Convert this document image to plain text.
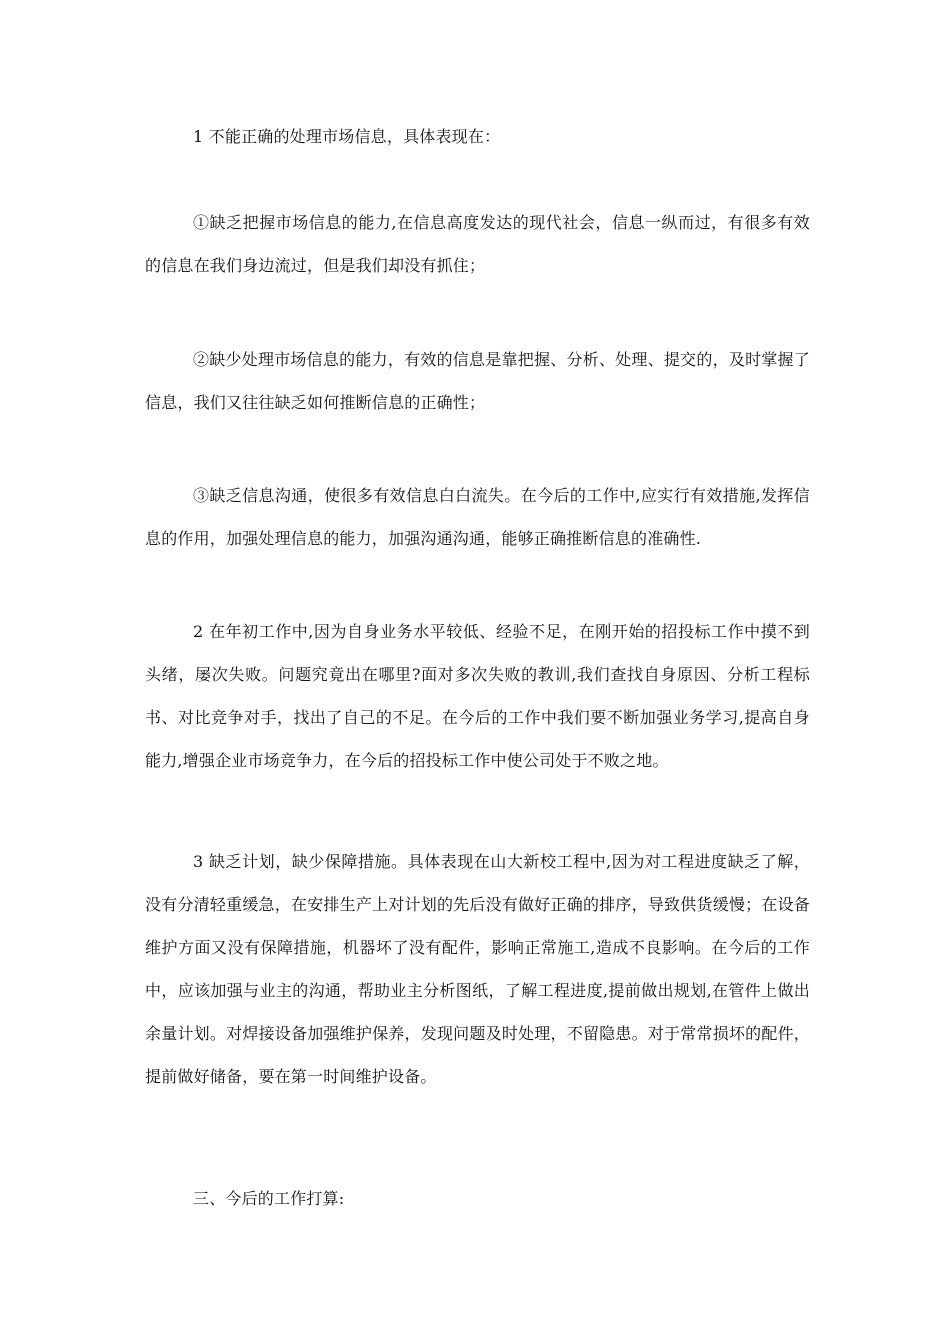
1 不能正确的处理市场信息，具体表现在：

①缺乏把握市场信息的能力,在信息高度发达的现代社会，信息一纵而过，有很多有效的信息在我们身边流过，但是我们却没有抓住；

②缺少处理市场信息的能力，有效的信息是靠把握、分析、处理、提交的，及时掌握了信息，我们又往往缺乏如何推断信息的正确性；

③缺乏信息沟通，使很多有效信息白白流失。在今后的工作中,应实行有效措施,发挥信息的作用，加强处理信息的能力，加强沟通沟通，能够正确推断信息的准确性.

2 在年初工作中,因为自身业务水平较低、经验不足，在刚开始的招投标工作中摸不到头绪，屡次失败。问题究竟出在哪里?面对多次失败的教训,我们查找自身原因、分析工程标书、对比竞争对手，找出了自己的不足。在今后的工作中我们要不断加强业务学习,提高自身能力,增强企业市场竞争力，在今后的招投标工作中使公司处于不败之地。

3 缺乏计划，缺少保障措施。具体表现在山大新校工程中,因为对工程进度缺乏了解，没有分清轻重缓急，在安排生产上对计划的先后没有做好正确的排序，导致供货缓慢；在设备维护方面又没有保障措施，机器坏了没有配件，影响正常施工,造成不良影响。在今后的工作中，应该加强与业主的沟通，帮助业主分析图纸，了解工程进度,提前做出规划,在管件上做出余量计划。对焊接设备加强维护保养，发现问题及时处理，不留隐患。对于常常损坏的配件，提前做好储备，要在第一时间维护设备。

三、今后的工作打算:
